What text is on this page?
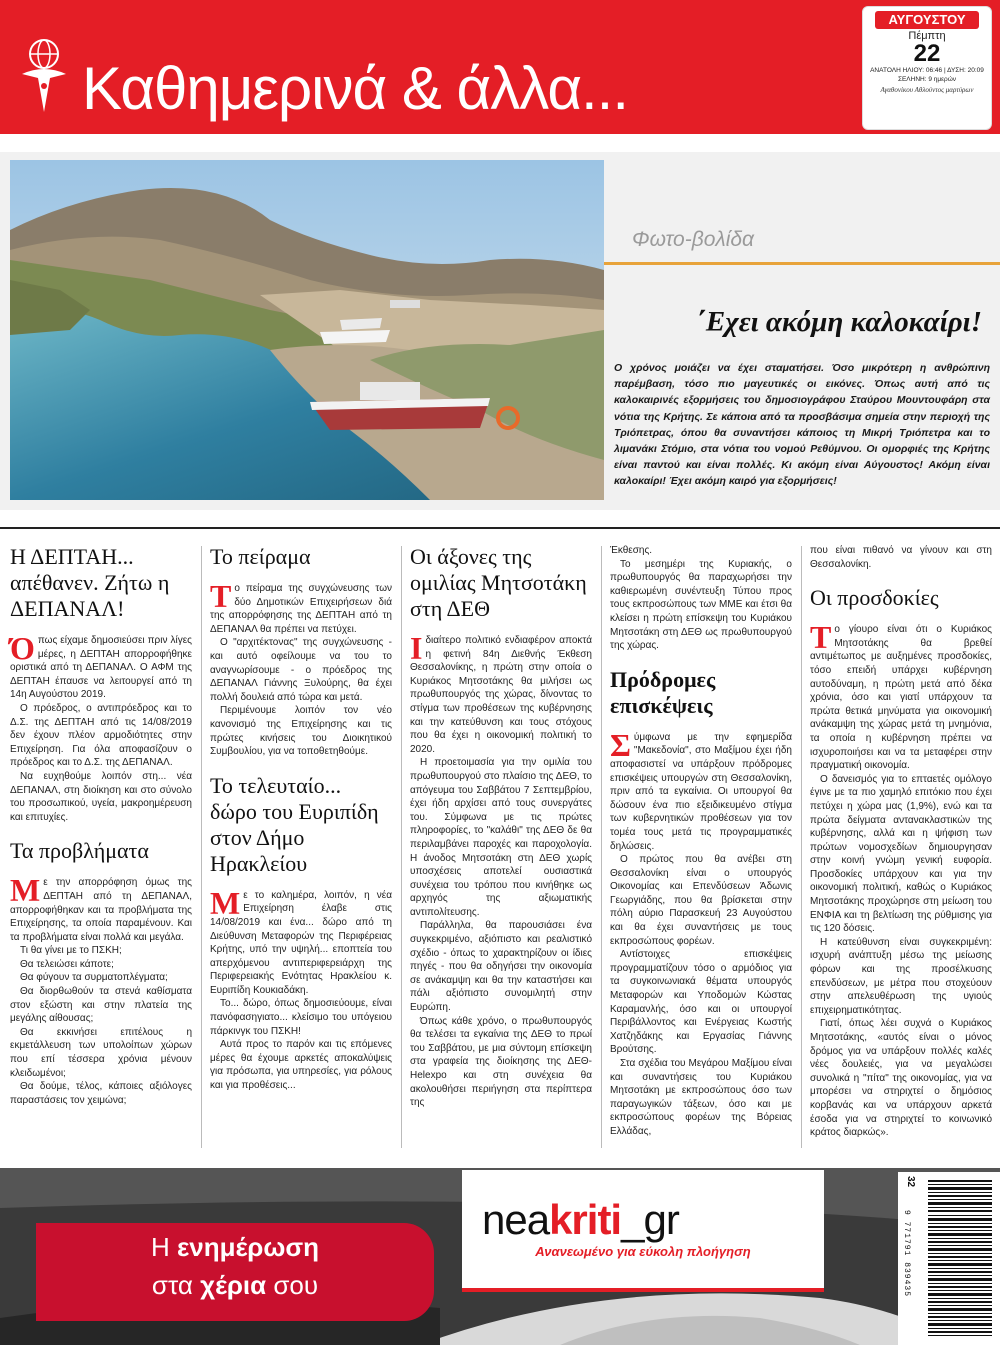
Καθημερινά & άλλα...
ΑΥΓΟΥΣΤΟΥ
Πέμπτη
22
ΑΝΑΤΟΛΗ ΗΛΙΟΥ: 06:46 | ΔΥΣΗ: 20:09
ΣΕΛΗΝΗ: 9 ημερών
Αγαθονίκου Αθλούντος μαρτύρων
Φωτο-βολίδα
΄Εχει ακόμη καλοκαίρι!
Ο χρόνος μοιάζει να έχει σταματήσει. Όσο μικρότερη η ανθρώπινη παρέμβαση, τόσο πιο μαγευτικές οι εικόνες. Όπως αυτή από τις καλοκαιρινές εξορμήσεις του δημοσιογράφου Σταύρου Μουντουφάρη στα νότια της Κρήτης. Σε κάποια από τα προσβάσιμα σημεία στην περιοχή της Τριόπετρας, όπου θα συναντήσει κάποιος τη Μικρή Τριόπετρα και το λιμανάκι Στόμιο, στα νότια του νομού Ρεθύμνου. Οι ομορφιές της Κρήτης είναι παντού και είναι πολλές. Κι ακόμη είναι Αύγουστος! Ακόμη είναι καλοκαίρι! Έχει ακόμη καιρό για εξορμήσεις!
Η ΔΕΠΤΑΗ... απέθανεν. Ζήτω η ΔΕΠΑΝΑΛ!

Όπως είχαμε δημοσιεύσει πριν λίγες μέρες, η ΔΕΠΤΑΗ απορροφήθηκε οριστικά από τη ΔΕΠΑΝΑΛ. Ο ΑΦΜ της ΔΕΠΤΑΗ έπαυσε να λειτουργεί από τη 14η Αυγούστου 2019.

Ο πρόεδρος, ο αντιπρόεδρος και το Δ.Σ. της ΔΕΠΤΑΗ από τις 14/08/2019 δεν έχουν πλέον αρμοδιότητες στην Επιχείρηση. Για όλα αποφασίζουν ο πρόεδρος και το Δ.Σ. της ΔΕΠΑΝΑΛ.

Να ευχηθούμε λοιπόν στη... νέα ΔΕΠΑΝΑΛ, στη διοίκηση και στο σύνολο του προσωπικού, υγεία, μακροημέρευση και επιτυχίες.

Τα προβλήματα

Με την απορρόφηση όμως της ΔΕΠΤΑΗ από τη ΔΕΠΑΝΑΛ, απορροφήθηκαν και τα προβλήματα της Επιχείρησης, τα οποία παραμένουν. Και τα προβλήματα είναι πολλά και μεγάλα.

Τι θα γίνει με το ΠΣΚΗ;

Θα τελειώσει κάποτε;

Θα φύγουν τα συρματοπλέγματα;

Θα διορθωθούν τα στενά καθίσματα στον εξώστη και στην πλατεία της μεγάλης αίθουσας;

Θα εκκινήσει επιτέλους η εκμετάλλευση των υπολοίπων χώρων που επί τέσσερα χρόνια μένουν κλειδωμένοι;

Θα δούμε, τέλος, κάποιες αξιόλογες παραστάσεις τον χειμώνα;

Το πείραμα

Το πείραμα της συγχώνευσης των δύο Δημοτικών Επιχειρήσεων διά της απορρόφησης της ΔΕΠΤΑΗ από τη ΔΕΠΑΝΑΛ θα πρέπει να πετύχει.

Ο "αρχιτέκτονας" της συγχώνευσης - και αυτό οφείλουμε να του το αναγνωρίσουμε - ο πρόεδρος της ΔΕΠΑΝΑΛ Γιάννης Ξυλούρης, θα έχει πολλή δουλειά από τώρα και μετά.

Περιμένουμε λοιπόν τον νέο κανονισμό της Επιχείρησης και τις πρώτες κινήσεις του Διοικητικού Συμβουλίου, για να τοποθετηθούμε.

Το τελευταίο... δώρο του Ευριπίδη στον Δήμο Ηρακλείου

Με το καλημέρα, λοιπόν, η νέα Επιχείρηση έλαβε στις 14/08/2019 και ένα... δώρο από τη Διεύθυνση Μεταφορών της Περιφέρειας Κρήτης, υπό την υψηλή... εποπτεία του απερχόμενου αντιπεριφερειάρχη της Περιφερειακής Ενότητας Ηρακλείου κ. Ευριπίδη Κουκιαδάκη.

Το... δώρο, όπως δημοσιεύουμε, είναι πανόφασηγιατο... κλείσιμο του υπόγειου πάρκινγκ του ΠΣΚΗ!

Αυτά προς το παρόν και τις επόμενες μέρες θα έχουμε αρκετές αποκαλύψεις για πρόσωπα, για υπηρεσίες, για ρόλους και για προθέσεις...

Οι άξονες της ομιλίας Μητσοτάκη στη ΔΕΘ

Ιδιαίτερο πολιτικό ενδιαφέρον αποκτά η φετινή 84η Διεθνής Έκθεση Θεσσαλονίκης, η πρώτη στην οποία ο Κυριάκος Μητσοτάκης θα μιλήσει ως πρωθυπουργός της χώρας, δίνοντας το στίγμα των προθέσεων της κυβέρνησης και την κατεύθυνση και τους στόχους που θα έχει η οικονομική πολιτική το 2020.

Η προετοιμασία για την ομιλία του πρωθυπουργού στο πλαίσιο της ΔΕΘ, το απόγευμα του Σαββάτου 7 Σεπτεμβρίου, έχει ήδη αρχίσει από τους συνεργάτες του. Σύμφωνα με τις πρώτες πληροφορίες, το "καλάθι" της ΔΕΘ δε θα περιλαμβάνει παροχές και παροχολογία. Η άνοδος Μητσοτάκη στη ΔΕΘ χωρίς υποσχέσεις αποτελεί ουσιαστικά συνέχεια του τρόπου που κινήθηκε ως αρχηγός της αξιωματικής αντιπολίτευσης.

Παράλληλα, θα παρουσιάσει ένα συγκεκριμένο, αξιόπιστο και ρεαλιστικό σχέδιο - όπως το χαρακτηρίζουν οι ίδιες πηγές - που θα οδηγήσει την οικονομία σε ανάκαμψη και θα την καταστήσει και πάλι αξιόπιστο συνομιλητή στην Ευρώπη.

Όπως κάθε χρόνο, ο πρωθυπουργός θα τελέσει τα εγκαίνια της ΔΕΘ το πρωί του Σαββάτου, με μια σύντομη επίσκεψη στα γραφεία της διοίκησης της ΔΕΘ-Helexpo και στη συνέχεια θα ακολουθήσει περιήγηση στα περίπτερα της

Έκθεσης.

Το μεσημέρι της Κυριακής, ο πρωθυπουργός θα παραχωρήσει την καθιερωμένη συνέντευξη Τύπου προς τους εκπροσώπους των ΜΜΕ και έτσι θα κλείσει η πρώτη επίσκεψη του Κυριάκου Μητσοτάκη στη ΔΕΘ ως πρωθυπουργού της χώρας.

Πρόδρομες επισκέψεις

Σύμφωνα με την εφημερίδα "Μακεδονία", στο Μαξίμου έχει ήδη αποφασιστεί να υπάρξουν πρόδρομες επισκέψεις υπουργών στη Θεσσαλονίκη, πριν από τα εγκαίνια. Οι υπουργοί θα δώσουν ένα πιο εξειδικευμένο στίγμα των κυβερνητικών προθέσεων για τον τομέα τους μετά τις προγραμματικές δηλώσεις.

Ο πρώτος που θα ανέβει στη Θεσσαλονίκη είναι ο υπουργός Οικονομίας και Επενδύσεων Άδωνις Γεωργιάδης, που θα βρίσκεται στην πόλη αύριο Παρασκευή 23 Αυγούστου και θα έχει συναντήσεις με τους εκπροσώπους φορέων.

Αντίστοιχες επισκέψεις προγραμματίζουν τόσο ο αρμόδιος για τα συγκοινωνιακά θέματα υπουργός Μεταφορών και Υποδομών Κώστας Καραμανλής, όσο και οι υπουργοί Περιβάλλοντος και Ενέργειας Κωστής Χατζηδάκης και Εργασίας Γιάννης Βρούτσης.

Στα σχέδια του Μεγάρου Μαξίμου είναι και συναντήσεις του Κυριάκου Μητσοτάκη με εκπροσώπους όσο των παραγωγικών τάξεων, όσο και με εκπροσώπους φορέων της Βόρειας Ελλάδας,

που είναι πιθανό να γίνουν και στη Θεσσαλονίκη.

Οι προσδοκίες

Το γίουρο είναι ότι ο Κυριάκος Μητσοτάκης θα βρεθεί αντιμέτωπος με αυξημένες προσδοκίες, τόσο επειδή υπάρχει κυβέρνηση αυτοδύναμη, η πρώτη μετά από δέκα χρόνια, όσο και γιατί υπάρχουν τα πρώτα θετικά μηνύματα για οικονομική ανάκαμψη της χώρας μετά τη μνημόνια, τα οποία η κυβέρνηση πρέπει να ισχυροποιήσει και να τα μεταφέρει στην πραγματική οικονομία.

Ο δανεισμός για το επταετές ομόλογο έγινε με τα πιο χαμηλό επιτόκιο που έχει πετύχει η χώρα μας (1,9%), ενώ και τα πρώτα δείγματα αντανακλαστικών της κυβέρνησης, αλλά και η ψήφιση των πρώτων νομοσχεδίων δημιουργησαν στην κοινή γνώμη γενική ευφορία. Προσδοκίες υπάρχουν και για την οικονομική πολιτική, καθώς ο Κυριάκος Μητσοτάκης προχώρησε στη μείωση του ΕΝΦΙΑ και τη βελτίωση της ρύθμισης για τις 120 δόσεις.

Η κατεύθυνση είναι συγκεκριμένη: ισχυρή ανάπτυξη μέσω της μείωσης φόρων και της προσέλκυσης επενδύσεων, με μέτρα που στοχεύουν στην απελευθέρωση της υγιούς επιχειρηματικότητας.

Γιατί, όπως λέει συχνά ο Κυριάκος Μητσοτάκης, «αυτός είναι ο μόνος δρόμος για να υπάρξουν πολλές καλές νέες δουλειές, για να μεγαλώσει συνολικά η "πίτα" της οικονομίας, για να μπορέσει να στηριχτεί ο δημόσιος κορβανάς και να υπάρχουν αρκετά έσοδα για να στηριχτεί το κοινωνικό κράτος διαρκώς».

Η ενημέρωση
στα χέρια σου
neakriti_gr
Ανανεωμένο για εύκολη πλοήγηση
32
9 771791 839435
